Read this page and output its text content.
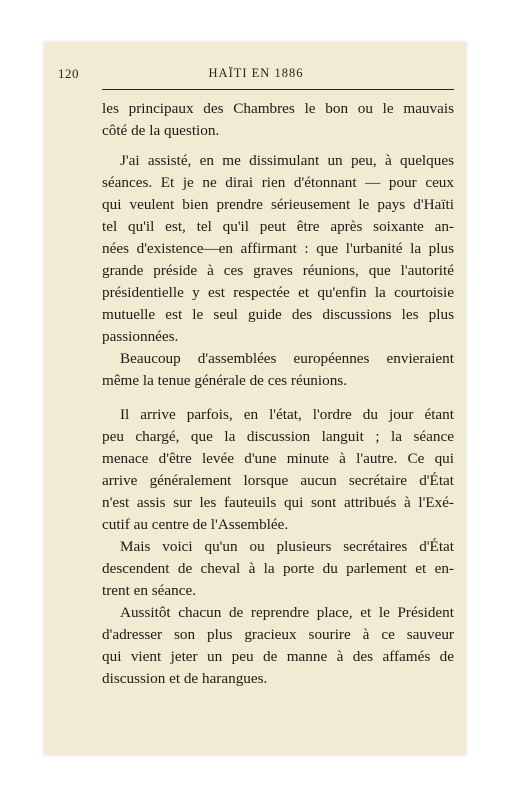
120	HAÏTI EN 1886

les principaux des Chambres le bon ou le mauvais
côté de la question.

J'ai assisté, en me dissimulant un peu, à quelques

séances. Et je ne dirai rien d'étonnant — pour ceux
qui veulent bien prendre sérieusement le pays d'Haïti
tel qu'il est, tel qu'il peut être après soixante an-
nées d'existence—en affirmant : que l'urbanité la plus
grande préside à ces graves réunions, que l'autorité
présidentielle y est respectée et qu'enfin la courtoisie
mutuelle est le seul guide des discussions les plus
passionnées.

Beaucoup d'assemblées européennes envieraient

même la tenue générale de ces réunions.

Il arrive parfois, en l'état, l'ordre du jour étant

peu chargé, que la discussion languit ; la séance
menace d'être levée d'une minute à l'autre. Ce qui
arrive généralement lorsque aucun secrétaire d'État
n'est assis sur les fauteuils qui sont attribués à l'Exé-
cutif au centre de l'Assemblée.

Mais voici qu'un ou plusieurs secrétaires d'État

descendent de cheval à la porte du parlement et en-
trent en séance.

Aussitôt chacun de reprendre place, et le Président

d'adresser son plus gracieux sourire à ce sauveur
qui vient jeter un peu de manne à des affamés de
discussion et de harangues.
